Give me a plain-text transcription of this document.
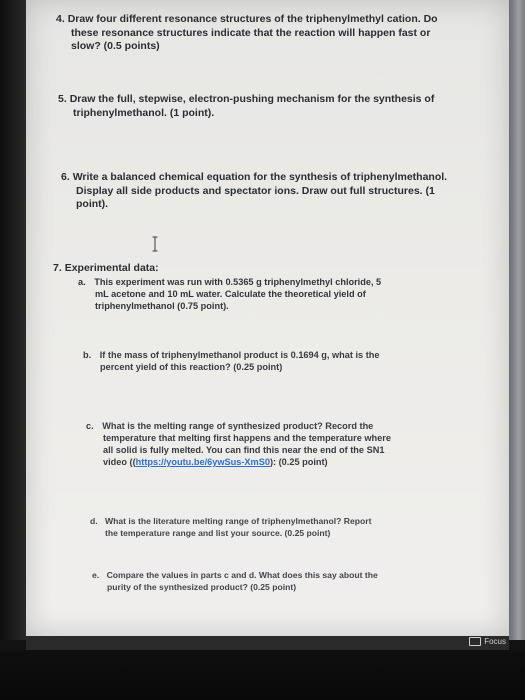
4. Draw four different resonance structures of the triphenylmethyl cation. Do
these resonance structures indicate that the reaction will happen fast or
slow? (0.5 points)
5. Draw the full, stepwise, electron-pushing mechanism for the synthesis of
triphenylmethanol. (1 point).
6. Write a balanced chemical equation for the synthesis of triphenylmethanol.
Display all side products and spectator ions. Draw out full structures. (1
point).
7. Experimental data:
a. This experiment was run with 0.5365 g triphenylmethyl chloride, 5
mL acetone and 10 mL water. Calculate the theoretical yield of
triphenylmethanol (0.75 point).
b. If the mass of triphenylmethanol product is 0.1694 g, what is the
percent yield of this reaction? (0.25 point)
c. What is the melting range of synthesized product? Record the
temperature that melting first happens and the temperature where
all solid is fully melted. You can find this near the end of the SN1
video ((https://youtu.be/6ywSus-XmS0): (0.25 point)
d. What is the literature melting range of triphenylmethanol? Report
the temperature range and list your source. (0.25 point)
e. Compare the values in parts c and d. What does this say about the
purity of the synthesized product? (0.25 point)
Focus
